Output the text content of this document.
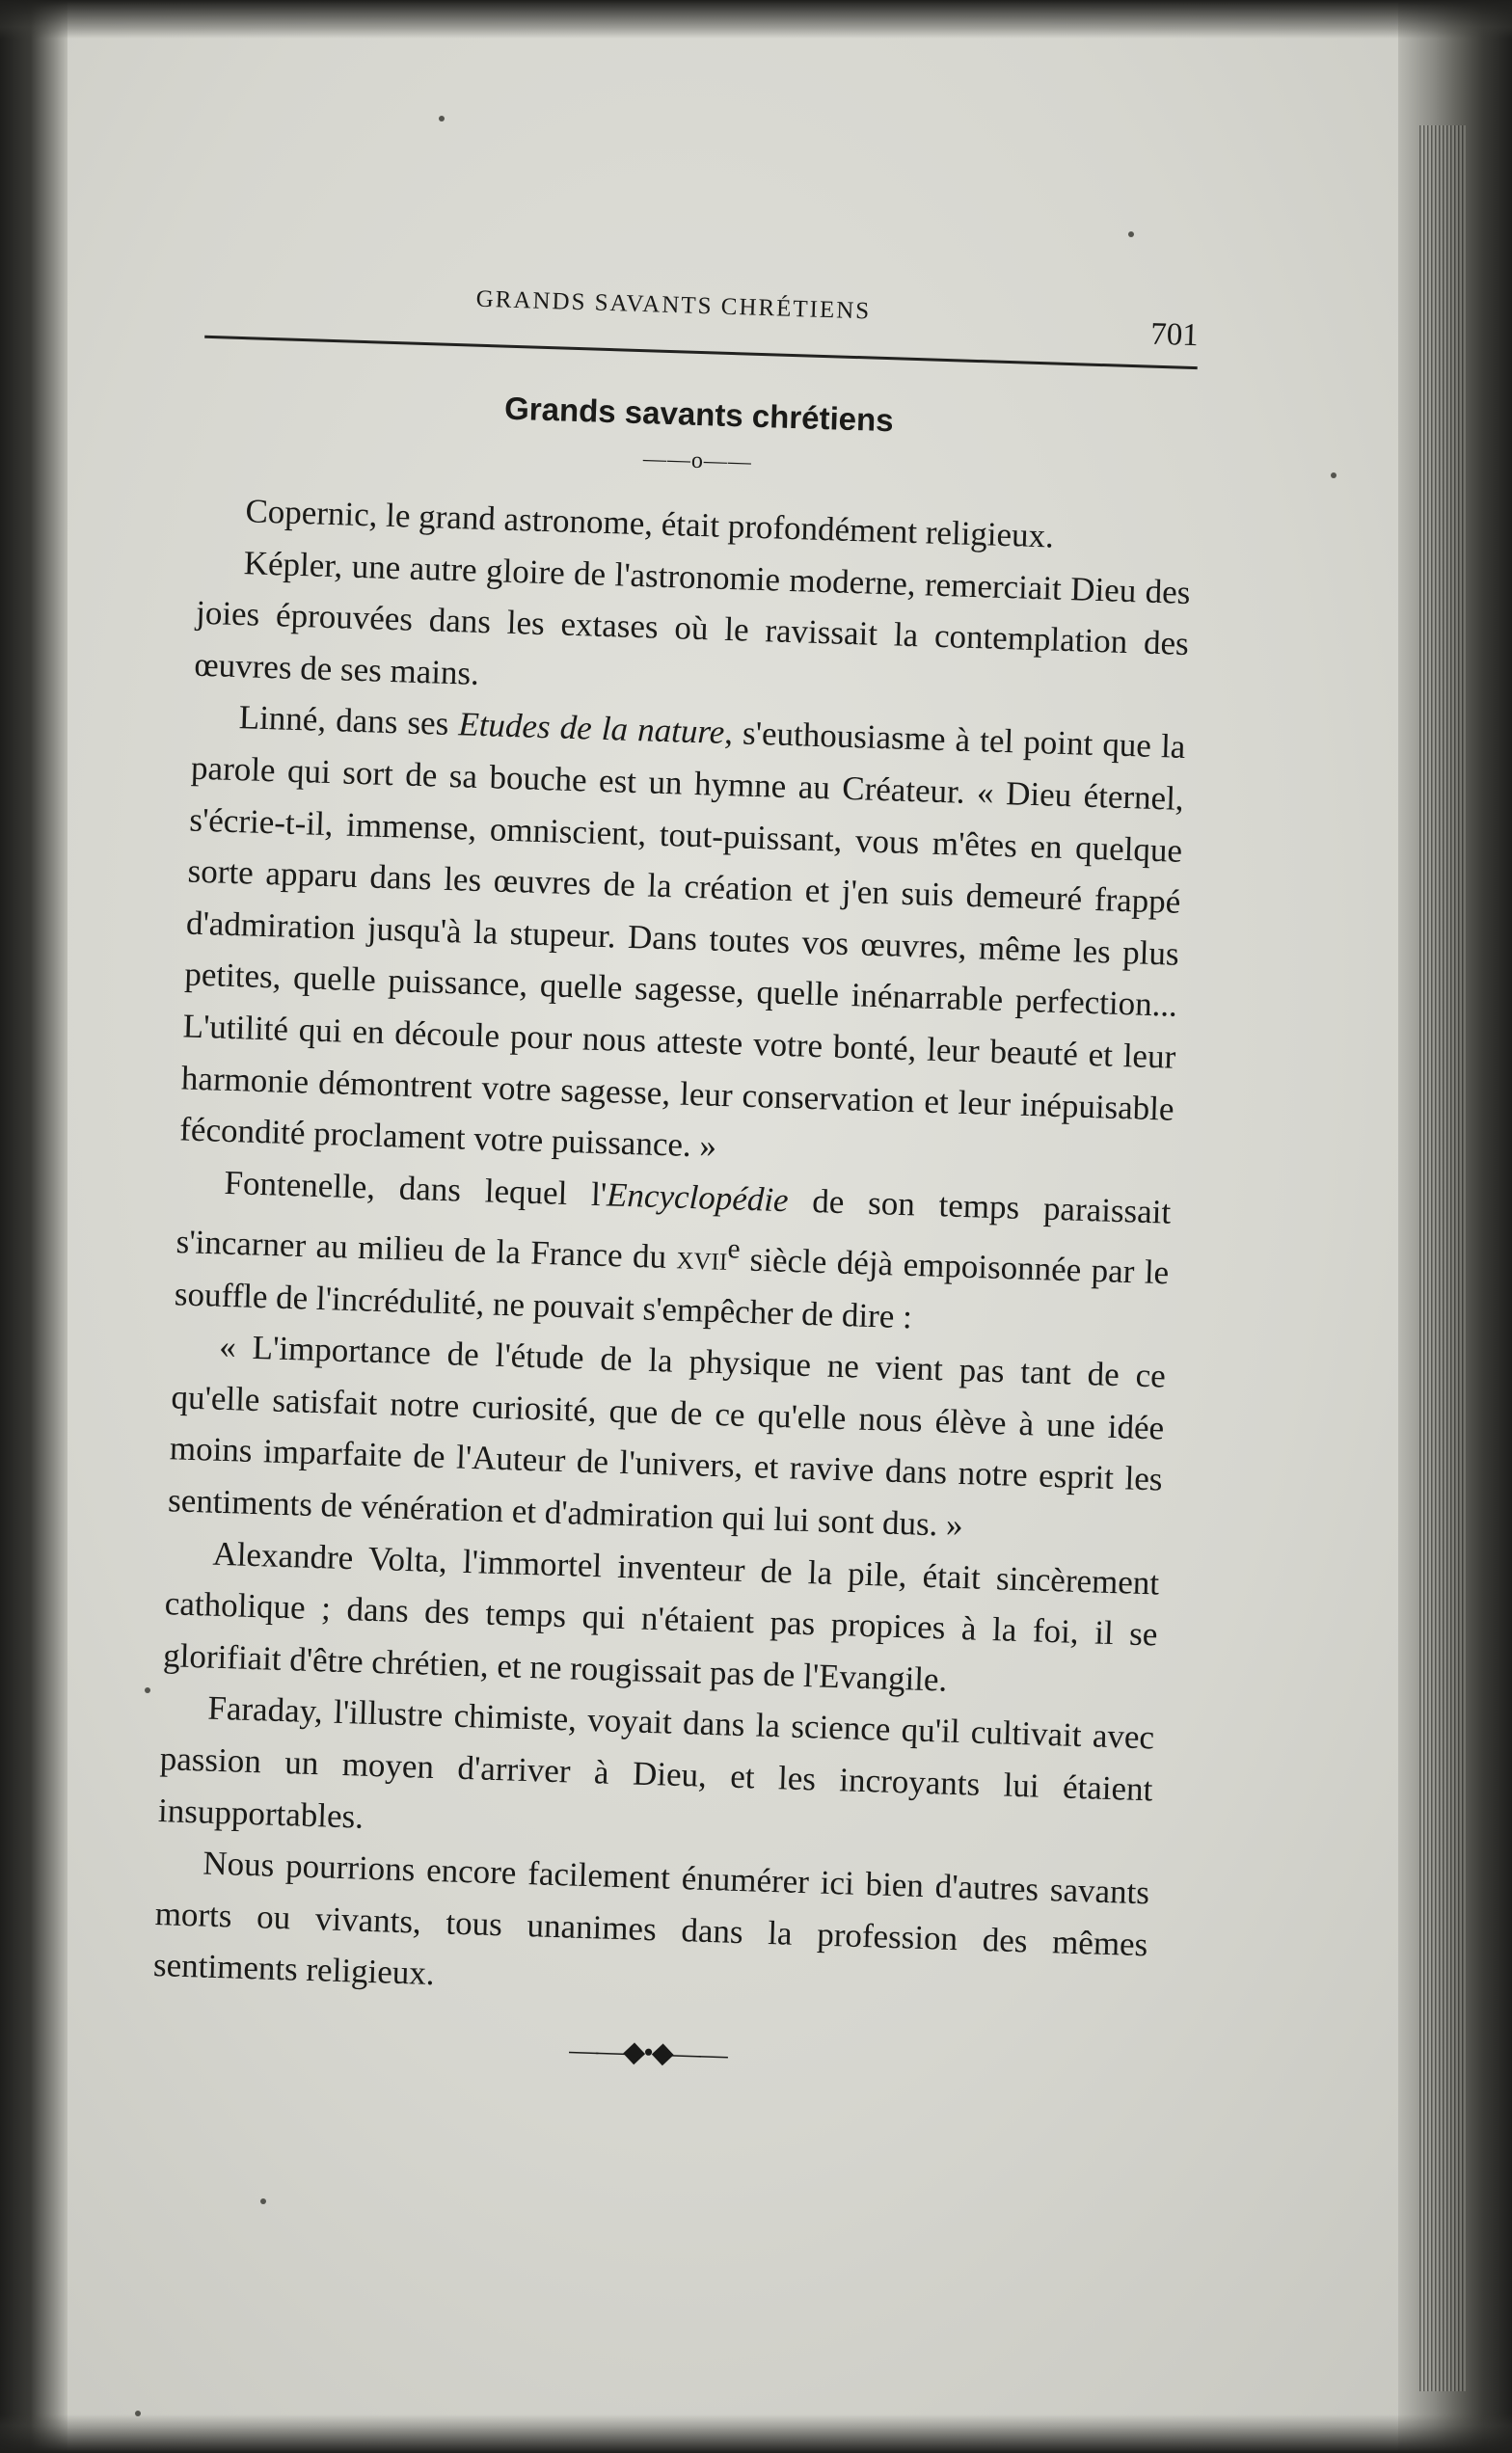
GRANDS SAVANTS CHRÉTIENS
701
Grands savants chrétiens
——o——

Copernic, le grand astronome, était profondément religieux.

Képler, une autre gloire de l'astronomie moderne, remerciait Dieu des joies éprouvées dans les extases où le ravissait la contemplation des œuvres de ses mains.

Linné, dans ses Etudes de la nature, s'euthousiasme à tel point que la parole qui sort de sa bouche est un hymne au Créateur. « Dieu éternel, s'écrie-t-il, immense, omniscient, tout-puissant, vous m'êtes en quelque sorte apparu dans les œuvres de la création et j'en suis demeuré frappé d'admiration jusqu'à la stupeur. Dans toutes vos œuvres, même les plus petites, quelle puissance, quelle sagesse, quelle inénarrable perfection... L'utilité qui en découle pour nous atteste votre bonté, leur beauté et leur harmonie démontrent votre sagesse, leur conservation et leur inépuisable fécondité proclament votre puissance. »

Fontenelle, dans lequel l'Encyclopédie de son temps paraissait s'incarner au milieu de la France du xvii$^e$ siècle déjà empoisonnée par le souffle de l'incrédulité, ne pouvait s'empêcher de dire :

« L'importance de l'étude de la physique ne vient pas tant de ce qu'elle satisfait notre curiosité, que de ce qu'elle nous élève à une idée moins imparfaite de l'Auteur de l'univers, et ravive dans notre esprit les sentiments de vénération et d'admiration qui lui sont dus. »

Alexandre Volta, l'immortel inventeur de la pile, était sincèrement catholique ; dans des temps qui n'étaient pas propices à la foi, il se glorifiait d'être chrétien, et ne rougissait pas de l'Evangile.

Faraday, l'illustre chimiste, voyait dans la science qu'il cultivait avec passion un moyen d'arriver à Dieu, et les incroyants lui étaient insupportables.

Nous pourrions encore facilement énumérer ici bien d'autres savants morts ou vivants, tous unanimes dans la profession des mêmes sentiments religieux.

——◆•◆——
